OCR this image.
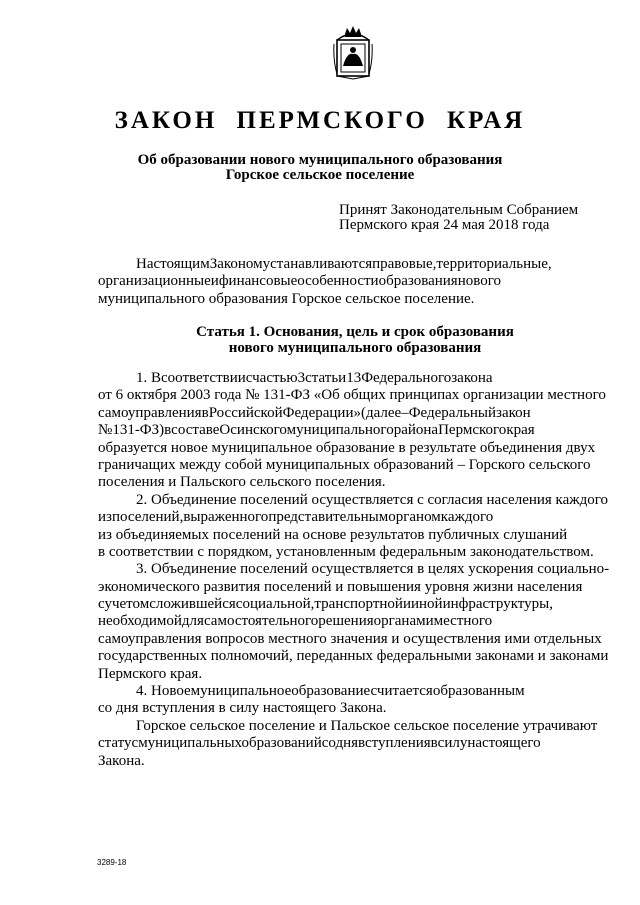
ЗАКОН ПЕРМСКОГО КРАЯ
Об образовании нового муниципального образования
Горское сельское поселение
Принят Законодательным Собранием
Пермского края 24 мая 2018 года
НастоящимЗакономустанавливаютсяправовые,территориальные,
организационныеифинансовыеособенностиобразованиянового
муниципального образования Горское сельское поселение.
Статья 1. Основания, цель и срок образования
нового муниципального образования
1. Всоответствиисчастью3статьи13Федеральногозакона
от 6 октября 2003 года № 131-ФЗ «Об общих принципах организации местного
самоуправлениявРоссийскойФедерации»(далее–Федеральныйзакон
№131-ФЗ)всоставеОсинскогомуниципальногорайонаПермскогокрая
образуется новое муниципальное образование в результате объединения двух
граничащих между собой муниципальных образований – Горского сельского
поселения и Пальского сельского поселения.
2. Объединение поселений осуществляется с согласия населения каждого
изпоселений,выраженногопредставительныморганомкаждого
из объединяемых поселений на основе результатов публичных слушаний
в соответствии с порядком, установленным федеральным законодательством.
3. Объединение поселений осуществляется в целях ускорения социально-
экономического развития поселений и повышения уровня жизни населения
сучетомсложившейсясоциальной,транспортнойиинойинфраструктуры,
необходимойдлясамостоятельногорешенияорганамиместного
самоуправления вопросов местного значения и осуществления ими отдельных
государственных полномочий, переданных федеральными законами и законами
Пермского края.
4. Новоемуниципальноеобразованиесчитаетсяобразованным
со дня вступления в силу настоящего Закона.
Горское сельское поселение и Пальское сельское поселение утрачивают
статусмуниципальныхобразованийсоднявступлениявсилунастоящего
Закона.
3289-18
